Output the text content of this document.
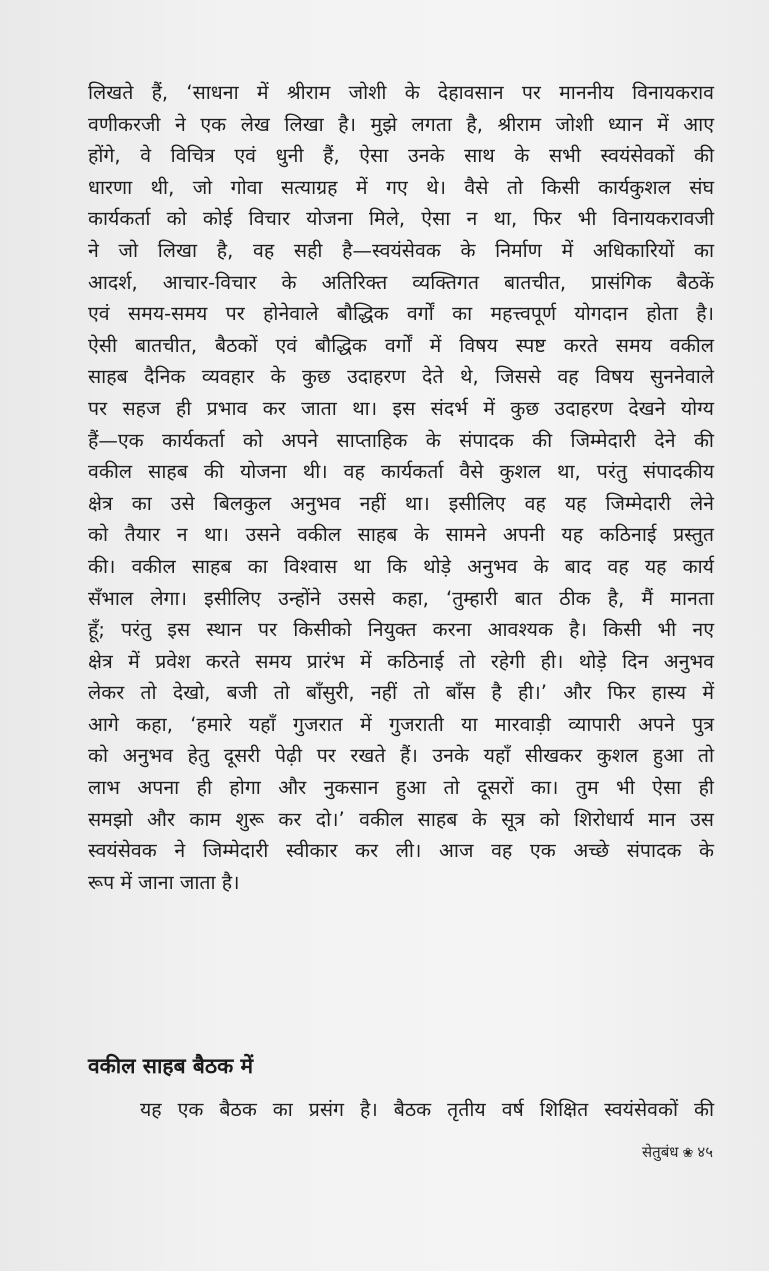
लिखते हैं, ‘साधना में श्रीराम जोशी के देहावसान पर माननीय विनायकराव
वणीकरजी ने एक लेख लिखा है। मुझे लगता है, श्रीराम जोशी ध्यान में आए
होंगे, वे विचित्र एवं धुनी हैं, ऐसा उनके साथ के सभी स्वयंसेवकों की
धारणा थी, जो गोवा सत्याग्रह में गए थे। वैसे तो किसी कार्यकुशल संघ
कार्यकर्ता को कोई विचार योजना मिले, ऐसा न था, फिर भी विनायकरावजी
ने जो लिखा है, वह सही है—स्वयंसेवक के निर्माण में अधिकारियों का
आदर्श, आचार-विचार के अतिरिक्त व्यक्तिगत बातचीत, प्रासंगिक बैठकें
एवं समय-समय पर होनेवाले बौद्धिक वर्गों का महत्त्वपूर्ण योगदान होता है।
ऐसी बातचीत, बैठकों एवं बौद्धिक वर्गों में विषय स्पष्ट करते समय वकील
साहब दैनिक व्यवहार के कुछ उदाहरण देते थे, जिससे वह विषय सुननेवाले
पर सहज ही प्रभाव कर जाता था। इस संदर्भ में कुछ उदाहरण देखने योग्य
हैं—एक कार्यकर्ता को अपने साप्ताहिक के संपादक की जिम्मेदारी देने की
वकील साहब की योजना थी। वह कार्यकर्ता वैसे कुशल था, परंतु संपादकीय
क्षेत्र का उसे बिलकुल अनुभव नहीं था। इसीलिए वह यह जिम्मेदारी लेने
को तैयार न था। उसने वकील साहब के सामने अपनी यह कठिनाई प्रस्तुत
की। वकील साहब का विश्वास था कि थोड़े अनुभव के बाद वह यह कार्य
सँभाल लेगा। इसीलिए उन्होंने उससे कहा, ‘तुम्हारी बात ठीक है, मैं मानता
हूँ; परंतु इस स्थान पर किसीको नियुक्त करना आवश्यक है। किसी भी नए
क्षेत्र में प्रवेश करते समय प्रारंभ में कठिनाई तो रहेगी ही। थोड़े दिन अनुभव
लेकर तो देखो, बजी तो बाँसुरी, नहीं तो बाँस है ही।’ और फिर हास्य में
आगे कहा, ‘हमारे यहाँ गुजरात में गुजराती या मारवाड़ी व्यापारी अपने पुत्र
को अनुभव हेतु दूसरी पेढ़ी पर रखते हैं। उनके यहाँ सीखकर कुशल हुआ तो
लाभ अपना ही होगा और नुकसान हुआ तो दूसरों का। तुम भी ऐसा ही
समझो और काम शुरू कर दो।’ वकील साहब के सूत्र को शिरोधार्य मान उस
स्वयंसेवक ने जिम्मेदारी स्वीकार कर ली। आज वह एक अच्छे संपादक के
रूप में जाना जाता है।
वकील साहब बैठक में
यह एक बैठक का प्रसंग है। बैठक तृतीय वर्ष शिक्षित स्वयंसेवकों की
सेतुबंध ❀ ४५
